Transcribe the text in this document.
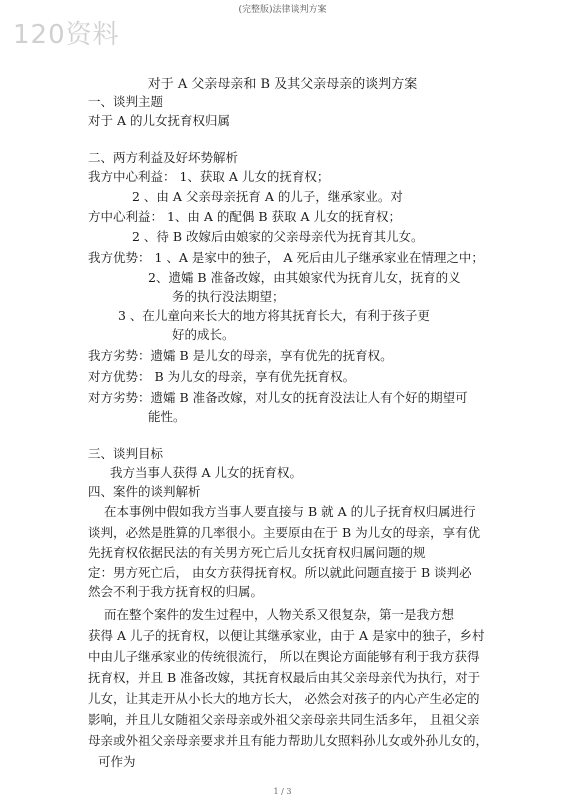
(完整版)法律谈判方案
120资料
对于 A 父亲母亲和 B 及其父亲母亲的谈判方案
一、谈判主题
对于 A 的儿女抚育权归属
二、两方利益及好坏势解析
我方中心利益： 1、获取 A 儿女的抚育权；
2 、由 A 父亲母亲抚育 A 的儿子，继承家业。对
方中心利益： 1、由 A 的配偶 B 获取 A 儿女的抚育权；
2 、待 B 改嫁后由娘家的父亲母亲代为抚育其儿女。
我方优势： 1 、A 是家中的独子， A 死后由儿子继承家业在情理之中；
2、遗孀 B 准备改嫁，由其娘家代为抚育儿女，抚育的义
务的执行没法期望；
3 、在儿童向来长大的地方将其抚育长大，有利于孩子更
好的成长。
我方劣势：遗孀 B 是儿女的母亲，享有优先的抚育权。
对方优势： B 为儿女的母亲，享有优先抚育权。
对方劣势：遗孀 B 准备改嫁，对儿女的抚育没法让人有个好的期望可
能性。
三、谈判目标
我方当事人获得 A 儿女的抚育权。
四、案件的谈判解析
在本事例中假如我方当事人要直接与 B 就 A 的儿子抚育权归属进行
谈判，必然是胜算的几率很小。主要原由在于 B 为儿女的母亲，享有优
先抚育权依据民法的有关男方死亡后儿女抚育权归属问题的规
定：男方死亡后， 由女方获得抚育权。所以就此问题直接于 B 谈判必
然会不利于我方抚育权的归属。
而在整个案件的发生过程中，人物关系又很复杂，第一是我方想
获得 A 儿子的抚育权，以便让其继承家业，由于 A 是家中的独子，乡村
中由儿子继承家业的传统很流行， 所以在舆论方面能够有利于我方获得
抚育权，并且 B 准备改嫁，其抚育权最后由其父亲母亲代为执行，对于
儿女，让其走开从小长大的地方长大， 必然会对孩子的内心产生必定的
影响，并且儿女随祖父亲母亲或外祖父亲母亲共同生活多年， 且祖父亲
母亲或外祖父亲母亲要求并且有能力帮助儿女照料孙儿女或外孙儿女的，
可作为
1 / 3
